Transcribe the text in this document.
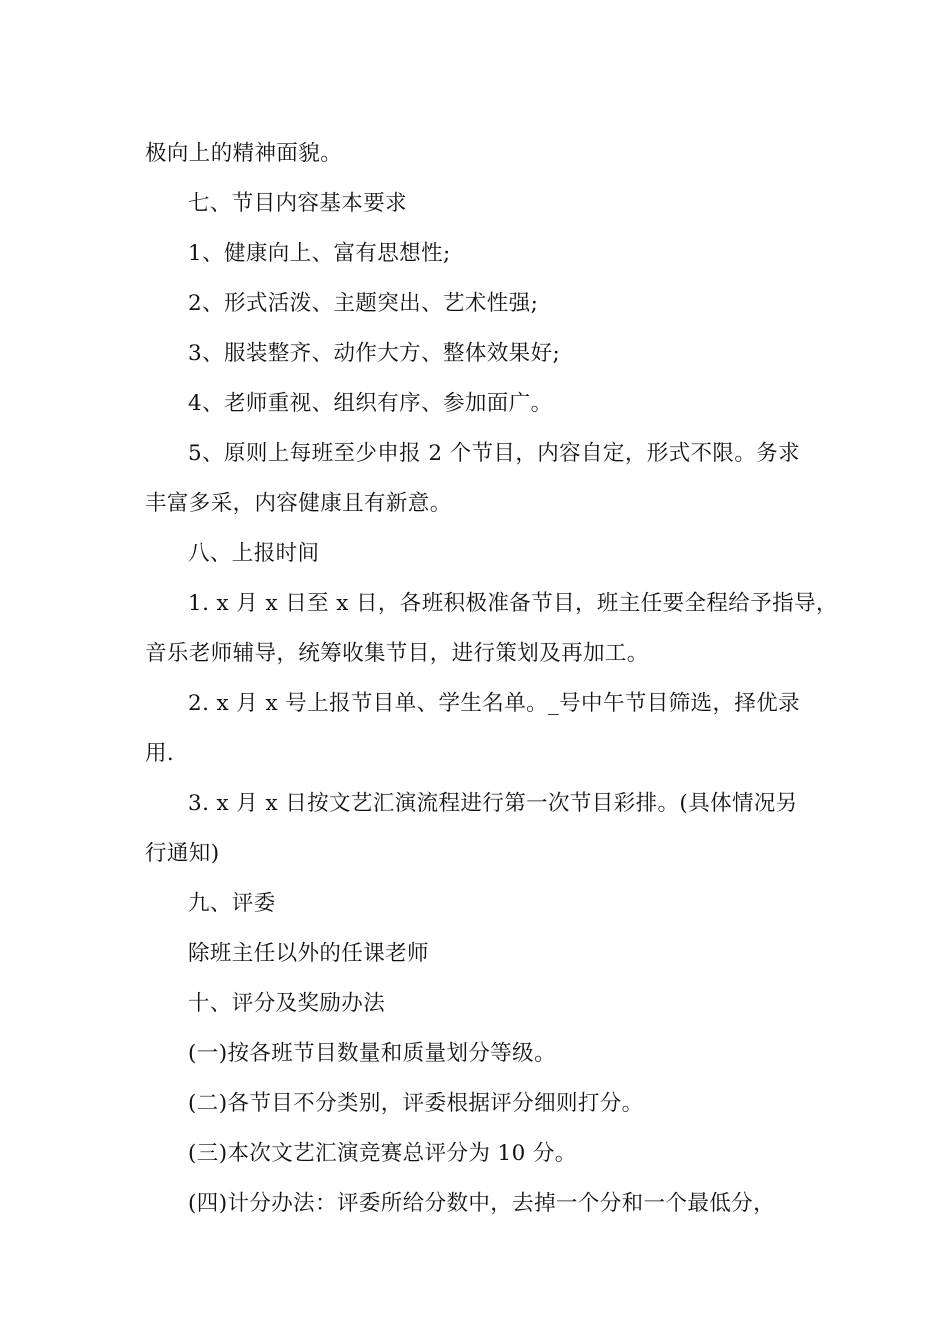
极向上的精神面貌。
七、节目内容基本要求
1、健康向上、富有思想性;
2、形式活泼、主题突出、艺术性强;
3、服装整齐、动作大方、整体效果好;
4、老师重视、组织有序、参加面广。
5、原则上每班至少申报 2 个节目，内容自定，形式不限。务求
丰富多采，内容健康且有新意。
八、上报时间
1. x 月 x 日至 x 日，各班积极准备节目，班主任要全程给予指导，
音乐老师辅导，统筹收集节目，进行策划及再加工。
2. x 月 x 号上报节目单、学生名单。_号中午节目筛选，择优录
用.
3. x 月 x 日按文艺汇演流程进行第一次节目彩排。(具体情况另
行通知)
九、评委
除班主任以外的任课老师
十、评分及奖励办法
(一)按各班节目数量和质量划分等级。
(二)各节目不分类别，评委根据评分细则打分。
(三)本次文艺汇演竞赛总评分为 10 分。
(四)计分办法：评委所给分数中，去掉一个分和一个最低分，
